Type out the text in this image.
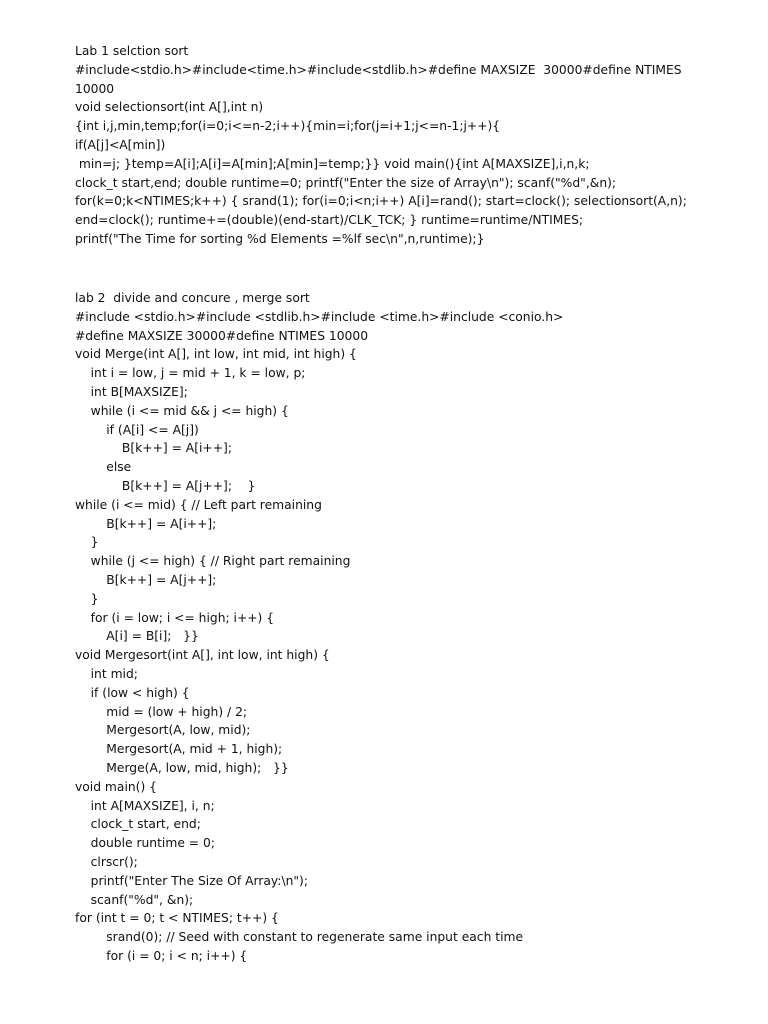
Lab 1 selction sort
#include<stdio.h>#include<time.h>#include<stdlib.h>#define MAXSIZE  30000#define NTIMES
10000
void selectionsort(int A[],int n)
{int i,j,min,temp;for(i=0;i<=n-2;i++){min=i;for(j=i+1;j<=n-1;j++){
if(A[j]<A[min])
min=j; }temp=A[i];A[i]=A[min];A[min]=temp;}} void main(){int A[MAXSIZE],i,n,k;
clock_t start,end; double runtime=0; printf("Enter the size of Array\n"); scanf("%d",&n);
for(k=0;k<NTIMES;k++) { srand(1); for(i=0;i<n;i++) A[i]=rand(); start=clock(); selectionsort(A,n);
end=clock(); runtime+=(double)(end-start)/CLK_TCK; } runtime=runtime/NTIMES;
printf("The Time for sorting %d Elements =%lf sec\n",n,runtime);}
lab 2  divide and concure , merge sort
#include <stdio.h>#include <stdlib.h>#include <time.h>#include <conio.h>
#define MAXSIZE 30000#define NTIMES 10000
void Merge(int A[], int low, int mid, int high) {
int i = low, j = mid + 1, k = low, p;
int B[MAXSIZE];
while (i <= mid && j <= high) {
if (A[i] <= A[j])
B[k++] = A[i++];
else
B[k++] = A[j++];    }
while (i <= mid) { // Left part remaining
B[k++] = A[i++];
}
while (j <= high) { // Right part remaining
B[k++] = A[j++];
}
for (i = low; i <= high; i++) {
A[i] = B[i];   }}
void Mergesort(int A[], int low, int high) {
int mid;
if (low < high) {
mid = (low + high) / 2;
Mergesort(A, low, mid);
Mergesort(A, mid + 1, high);
Merge(A, low, mid, high);   }}
void main() {
int A[MAXSIZE], i, n;
clock_t start, end;
double runtime = 0;
clrscr();
printf("Enter The Size Of Array:\n");
scanf("%d", &n);
for (int t = 0; t < NTIMES; t++) {
srand(0); // Seed with constant to regenerate same input each time
for (i = 0; i < n; i++) {
